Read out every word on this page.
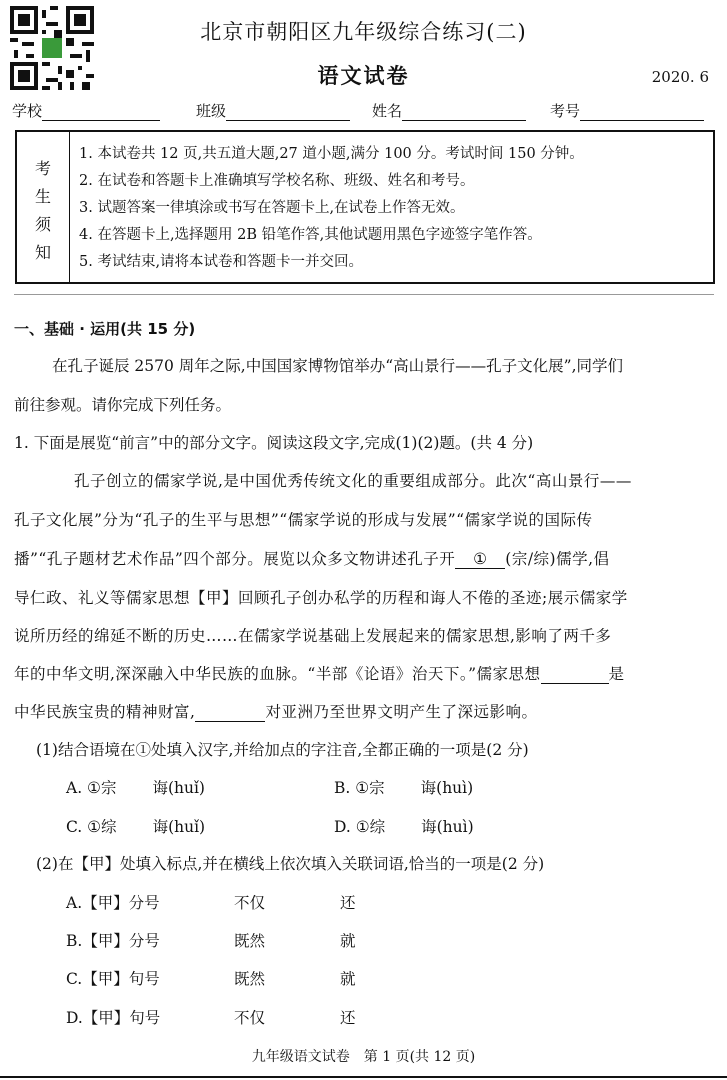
北京市朝阳区九年级综合练习(二)
语文试卷	2020. 6
学校	班级	姓名	考号
考
生
须
知
1. 本试卷共 12 页,共五道大题,27 道小题,满分 100 分。考试时间 150 分钟。
2. 在试卷和答题卡上准确填写学校名称、班级、姓名和考号。
3. 试题答案一律填涂或书写在答题卡上,在试卷上作答无效。
4. 在答题卡上,选择题用 2B 铅笔作答,其他试题用黑色字迹签字笔作答。
5. 考试结束,请将本试卷和答题卡一并交回。
一、基础 · 运用(共 15 分)
在孔子诞辰 2570 周年之际,中国国家博物馆举办“高山景行——孔子文化展”,同学们
前往参观。请你完成下列任务。
1. 下面是展览“前言”中的部分文字。阅读这段文字,完成(1)(2)题。(共 4 分)
孔子创立的儒家学说,是中国优秀传统文化的重要组成部分。此次“高山景行——
孔子文化展”分为“孔子的生平与思想”“儒家学说的形成与发展”“儒家学说的国际传
播”“孔子题材艺术作品”四个部分。展览以众多文物讲述孔子开 ① (宗/综)儒学,倡
导仁政、礼义等儒家思想【甲】回顾孔子创办私学的历程和诲人不倦的圣迹;展示儒家学
说所历经的绵延不断的历史……在儒家学说基础上发展起来的儒家思想,影响了两千多
年的中华文明,深深融入中华民族的血脉。“半部《论语》治天下。”儒家思想	是
中华民族宝贵的精神财富,	对亚洲乃至世界文明产生了深远影响。
(1)结合语境在①处填入汉字,并给加点的字注音,全都正确的一项是(2 分)
A. ①宗 诲(huǐ)	B. ①宗 诲(huì)
C. ①综 诲(huǐ)	D. ①综 诲(huì)
(2)在【甲】处填入标点,并在横线上依次填入关联词语,恰当的一项是(2 分)
A.【甲】分号	不仅	还
B.【甲】分号	既然	就
C.【甲】句号	既然	就
D.【甲】句号	不仅	还
九年级语文试卷　第 1 页(共 12 页)
